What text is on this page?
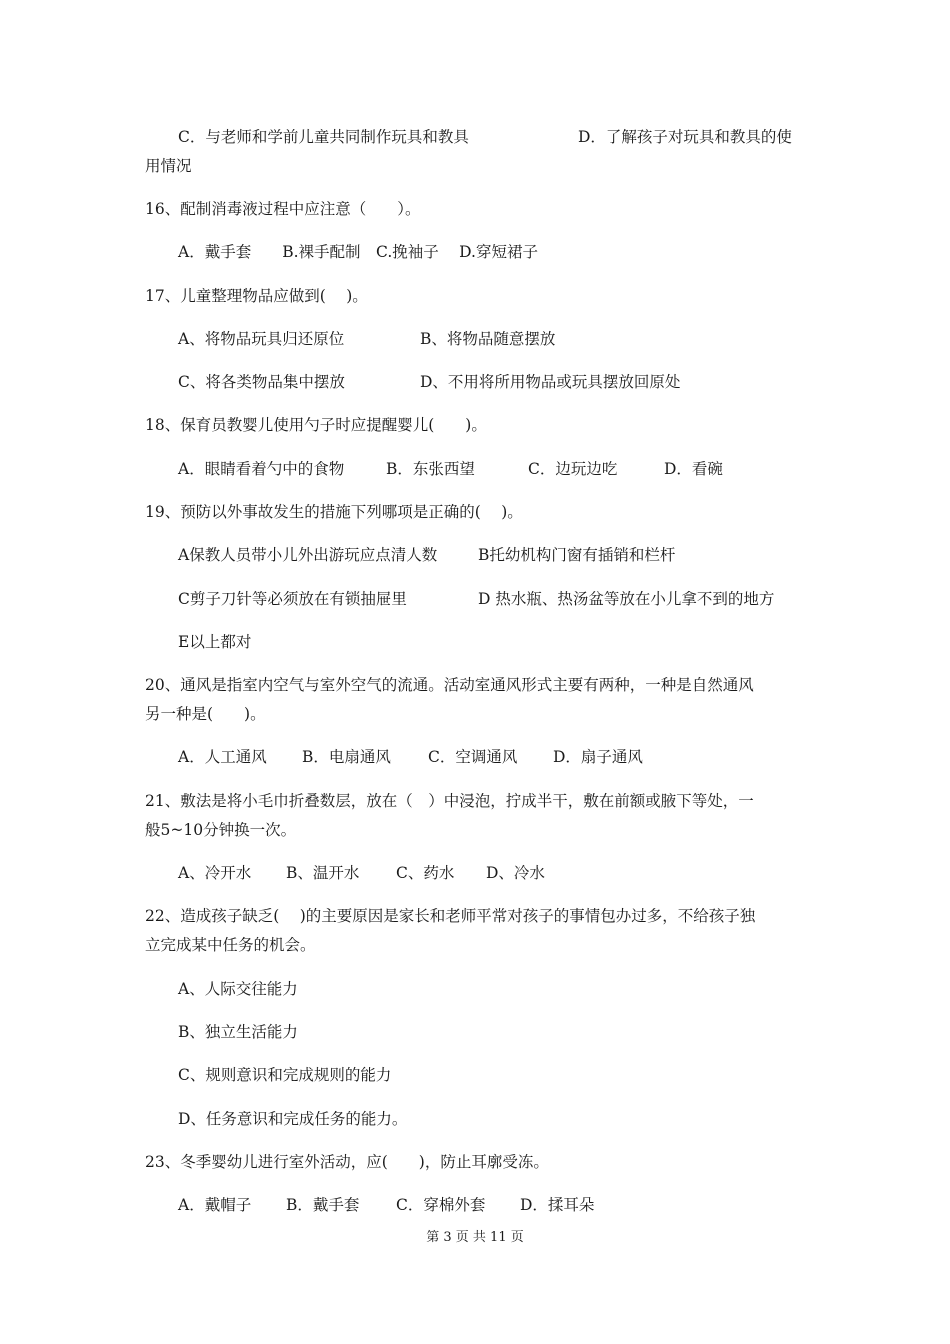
C．与老师和学前儿童共同制作玩具和教具	D．了解孩子对玩具和教具的使
用情况
16、配制消毒液过程中应注意（　　）。
A．戴手套　　B.裸手配制　C.挽袖子　 D.穿短裙子
17、儿童整理物品应做到(　 )。
A、将物品玩具归还原位	B、将物品随意摆放
C、将各类物品集中摆放	D、不用将所用物品或玩具摆放回原处
18、保育员教婴儿使用勺子时应提醒婴儿(　　)。
A．眼睛看着勺中的食物	B．东张西望	C．边玩边吃	D．看碗
19、预防以外事故发生的措施下列哪项是正确的(　 )。
A保教人员带小儿外出游玩应点清人数	B托幼机构门窗有插销和栏杆
C剪子刀针等必须放在有锁抽屉里	D 热水瓶、热汤盆等放在小儿拿不到的地方
E以上都对
20、通风是指室内空气与室外空气的流通。活动室通风形式主要有两种，一种是自然通风
另一种是(　　)。
A．人工通风 B．电扇通风 C．空调通风 D．扇子通风
21、敷法是将小毛巾折叠数层，放在（　）中浸泡，拧成半干，敷在前额或腋下等处，一
般5~10分钟换一次。
A、冷开水 B、温开水 C、药水 D、冷水
22、造成孩子缺乏(　 )的主要原因是家长和老师平常对孩子的事情包办过多，不给孩子独
立完成某中任务的机会。
A、人际交往能力
B、独立生活能力
C、规则意识和完成规则的能力
D、任务意识和完成任务的能力。
23、冬季婴幼儿进行室外活动，应(　　)，防止耳廓受冻。
A．戴帽子 B．戴手套 C．穿棉外套 D．揉耳朵
第 3 页 共 11 页
